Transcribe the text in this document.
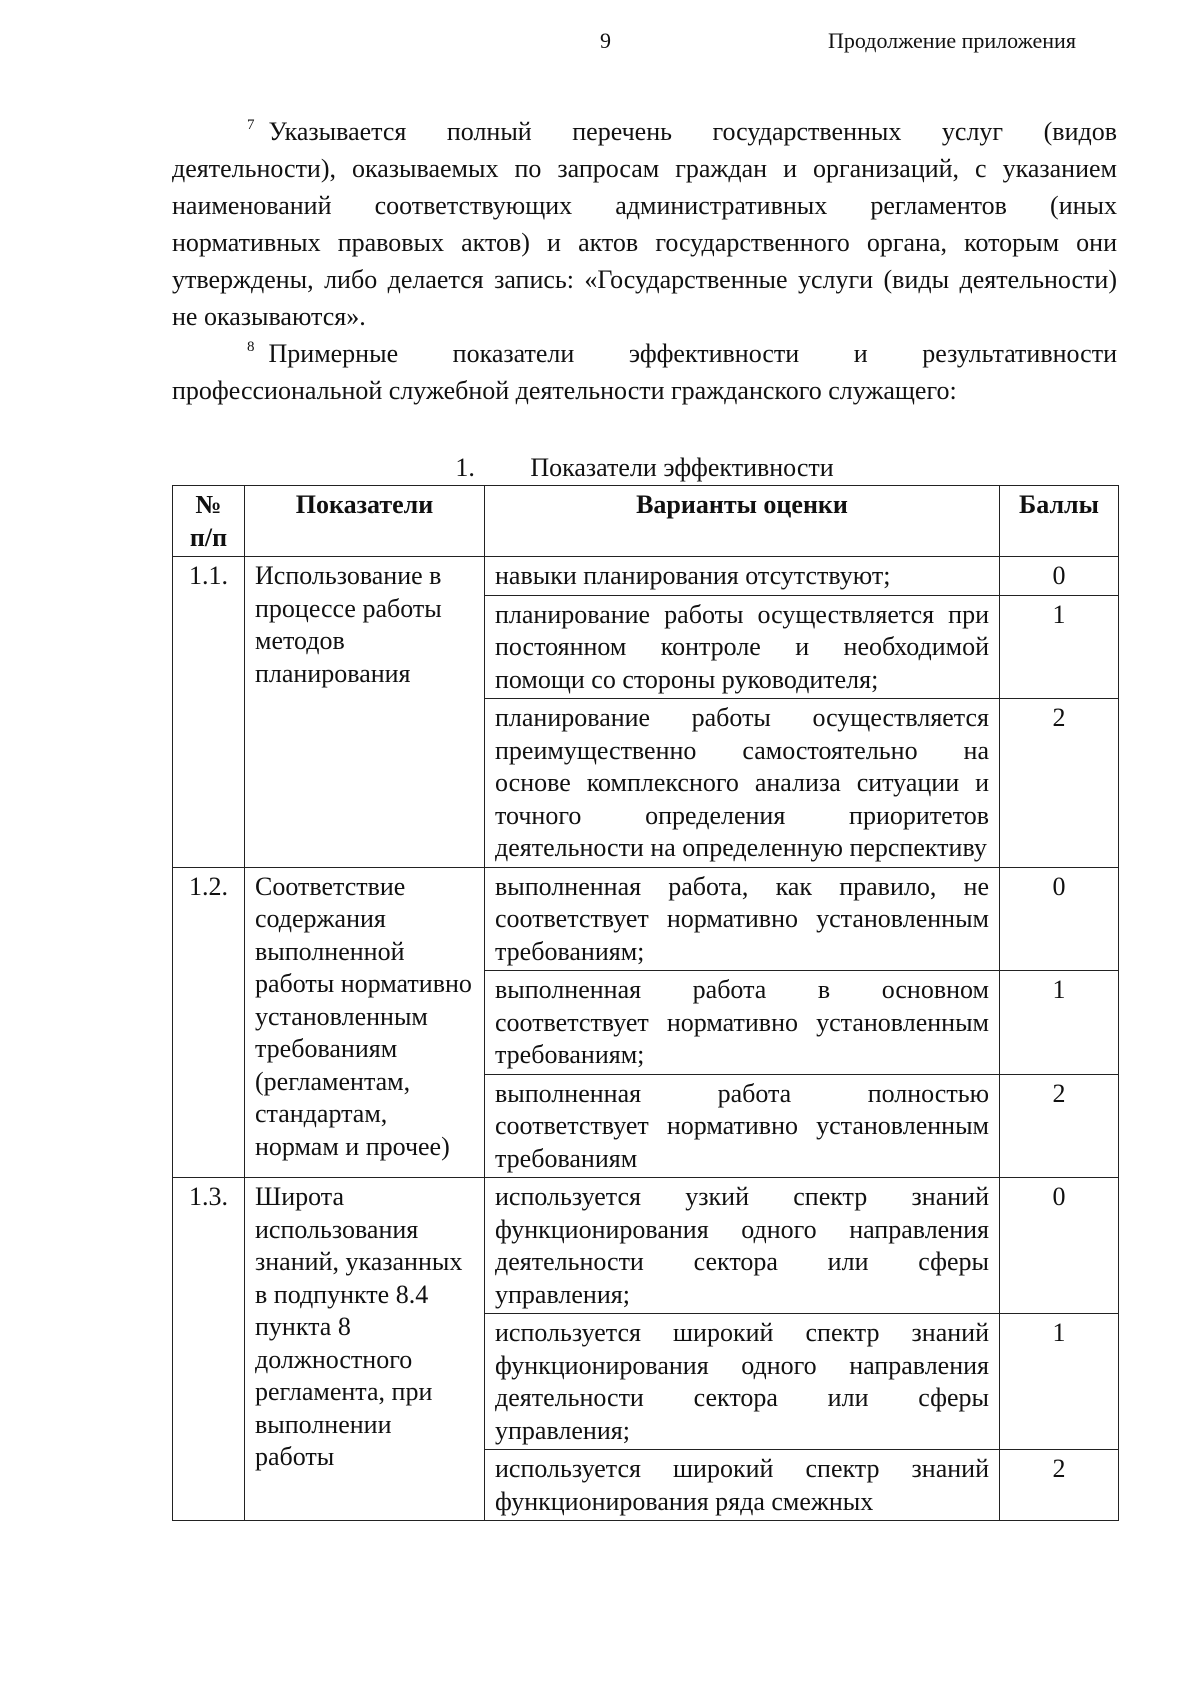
9	Продолжение приложения

$^7$ Указывается полный перечень государственных услуг (видов деятельности), оказываемых по запросам граждан и организаций, с указанием наименований соответствующих административных регламентов (иных нормативных правовых актов) и актов государственного органа, которым они утверждены, либо делается запись: «Государственные услуги (виды деятельности) не оказываются».

$^8$ Примерные показатели эффективности и результативности профессиональной служебной деятельности гражданского служащего:

1. Показатели эффективности
№ п/п	Показатели	Варианты оценки	Баллы
1.1.	Использование в процессе работы методов планирования	навыки планирования отсутствуют;	0
		планирование работы осуществляется при постоянном контроле и необходимой помощи со стороны руководителя;	1
		планирование работы осуществляется преимущественно самостоятельно на основе комплексного анализа ситуации и точного определения приоритетов деятельности на определенную перспективу	2
1.2.	Соответствие содержания выполненной работы нормативно установленным требованиям (регламентам, стандартам, нормам и прочее)	выполненная работа, как правило, не соответствует нормативно установленным требованиям;	0
		выполненная работа в основном соответствует нормативно установленным требованиям;	1
		выполненная работа полностью соответствует нормативно установленным требованиям	2
1.3.	Широта использования знаний, указанных в подпункте 8.4 пункта 8 должностного регламента, при выполнении работы	используется узкий спектр знаний функционирования одного направления деятельности сектора или сферы управления;	0
		используется широкий спектр знаний функционирования одного направления деятельности сектора или сферы управления;	1
		используется широкий спектр знаний функционирования ряда смежных	2
